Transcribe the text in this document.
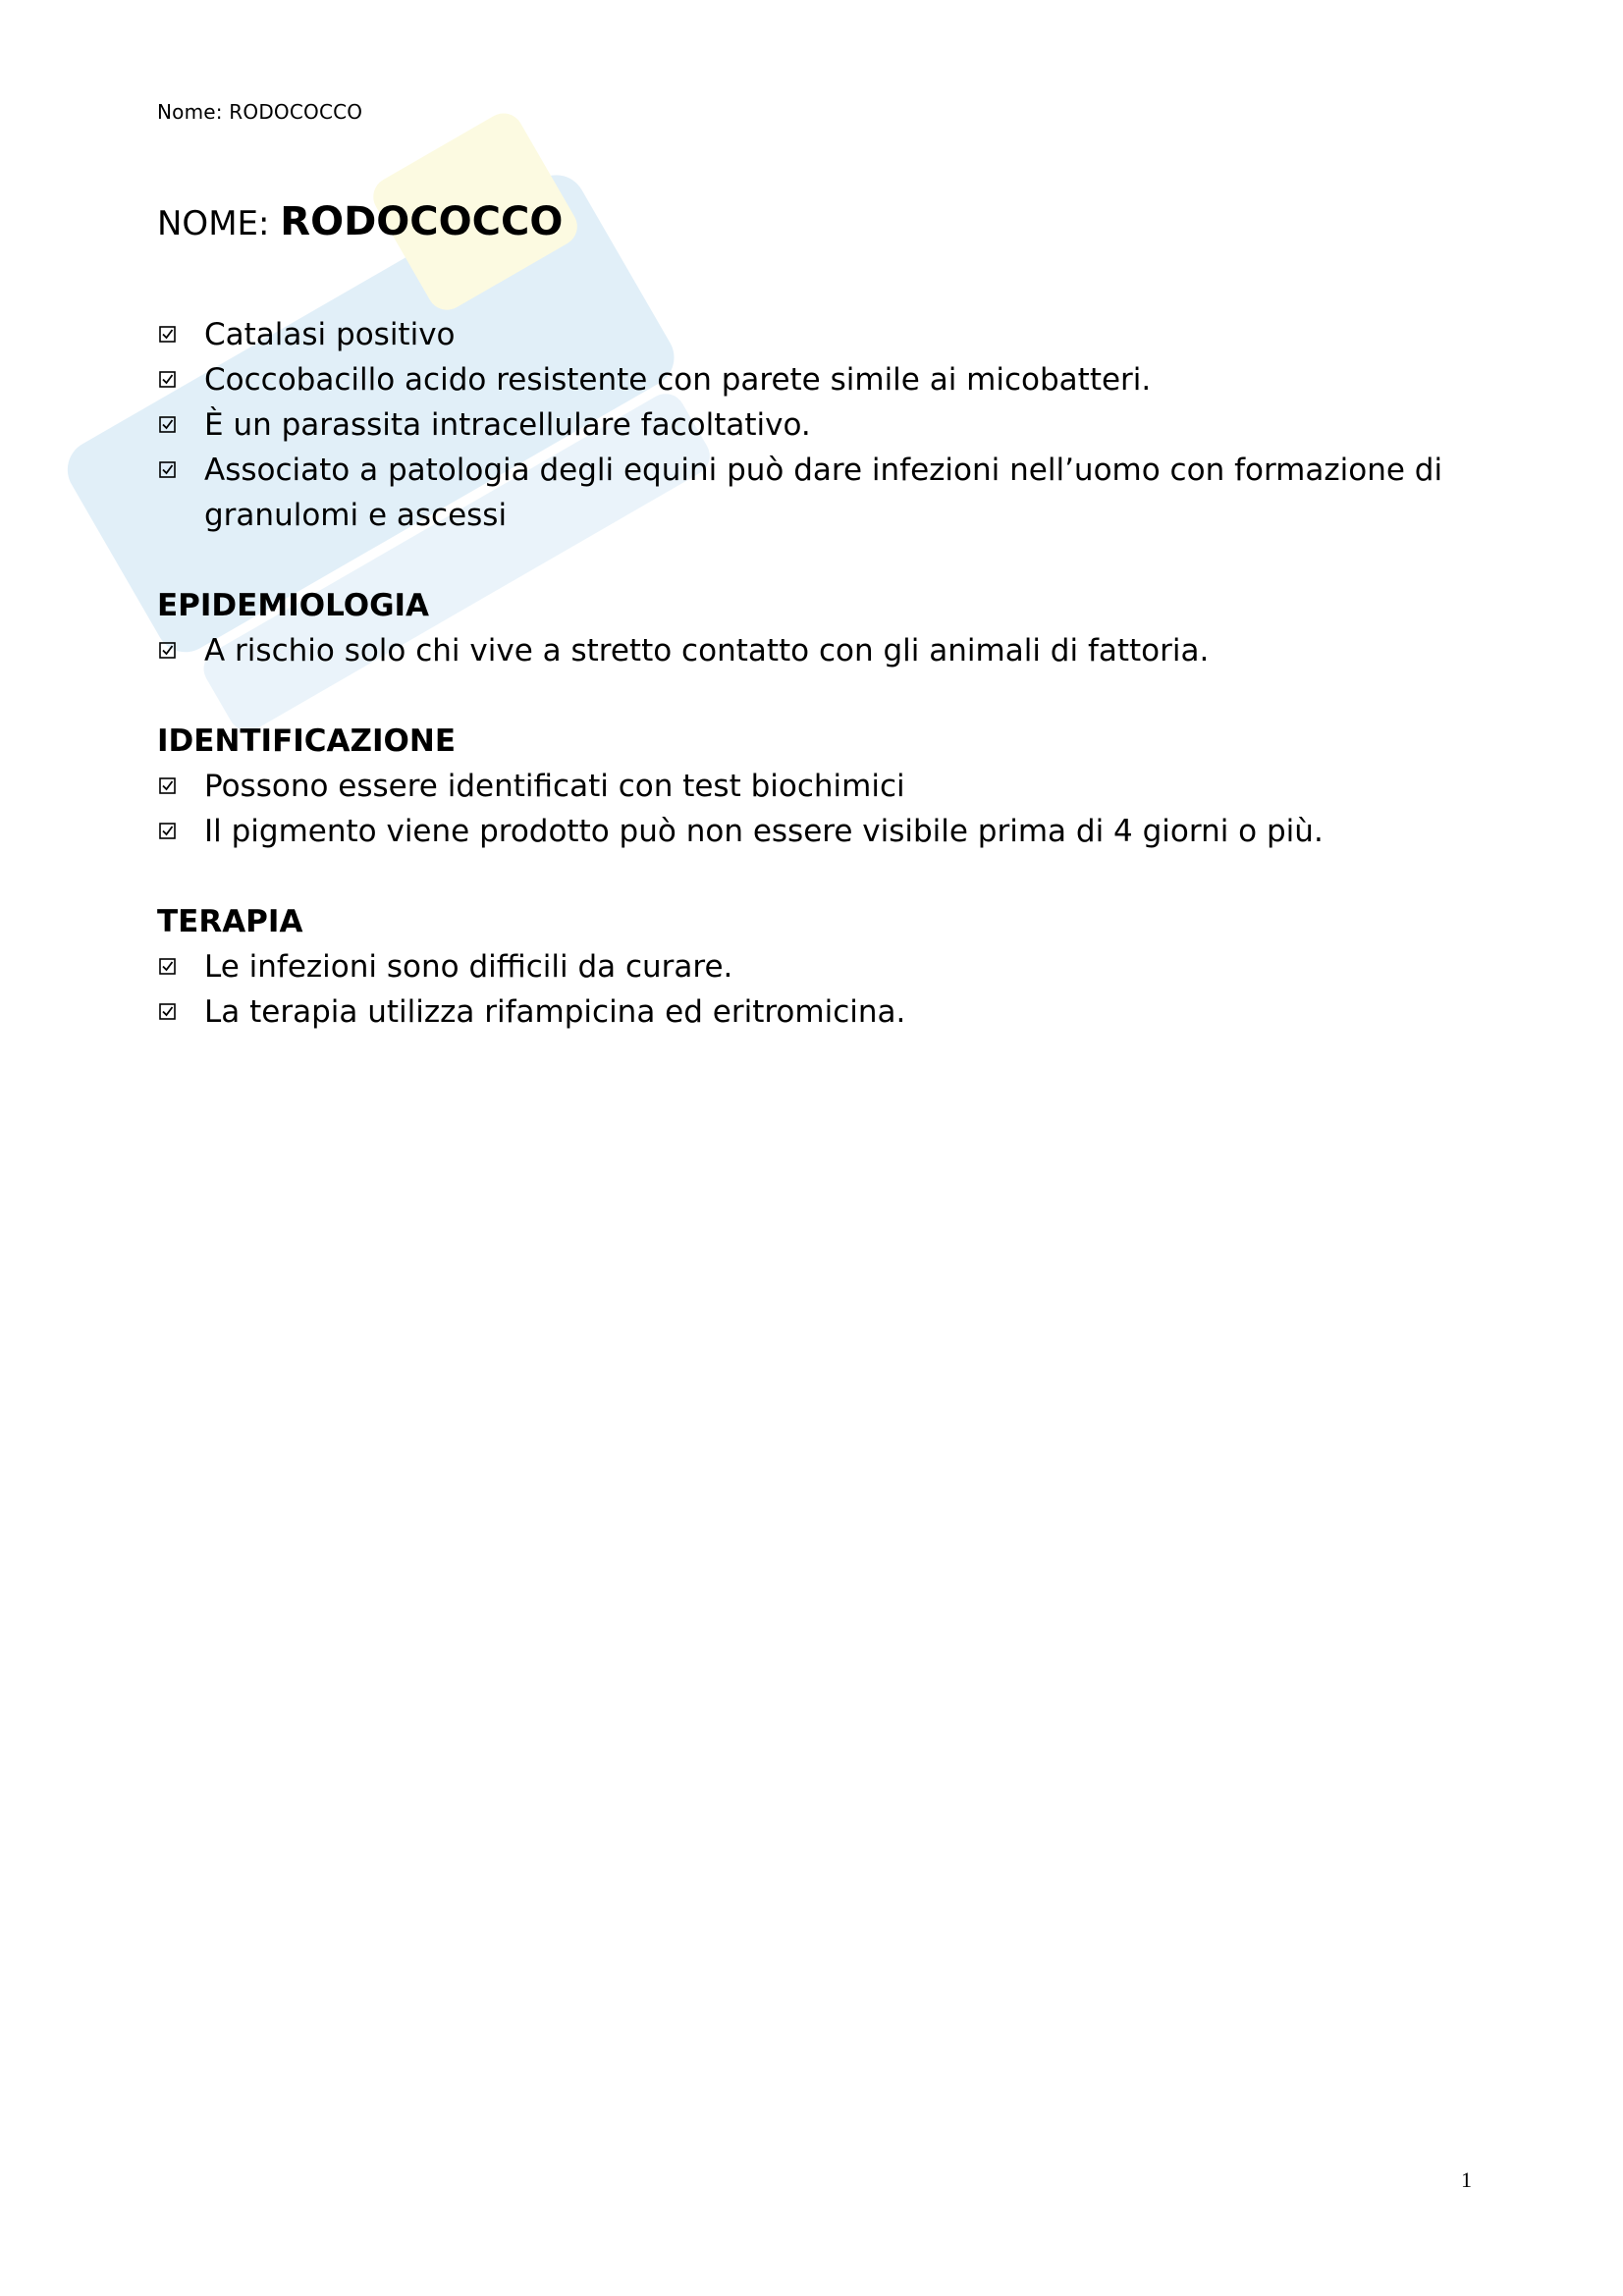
Nome: RODOCOCCO
NOME: RODOCOCCO
Catalasi positivo
Coccobacillo acido resistente con parete simile ai micobatteri.
È un parassita intracellulare facoltativo.
Associato a patologia degli equini può dare infezioni nell’uomo con formazione di granulomi e ascessi
EPIDEMIOLOGIA
A rischio solo chi vive a stretto contatto con gli animali di fattoria.
IDENTIFICAZIONE
Possono essere identificati con test biochimici
Il pigmento viene prodotto può non essere visibile prima di 4 giorni o più.
TERAPIA
Le infezioni sono difficili da curare.
La terapia utilizza rifampicina ed eritromicina.
1
